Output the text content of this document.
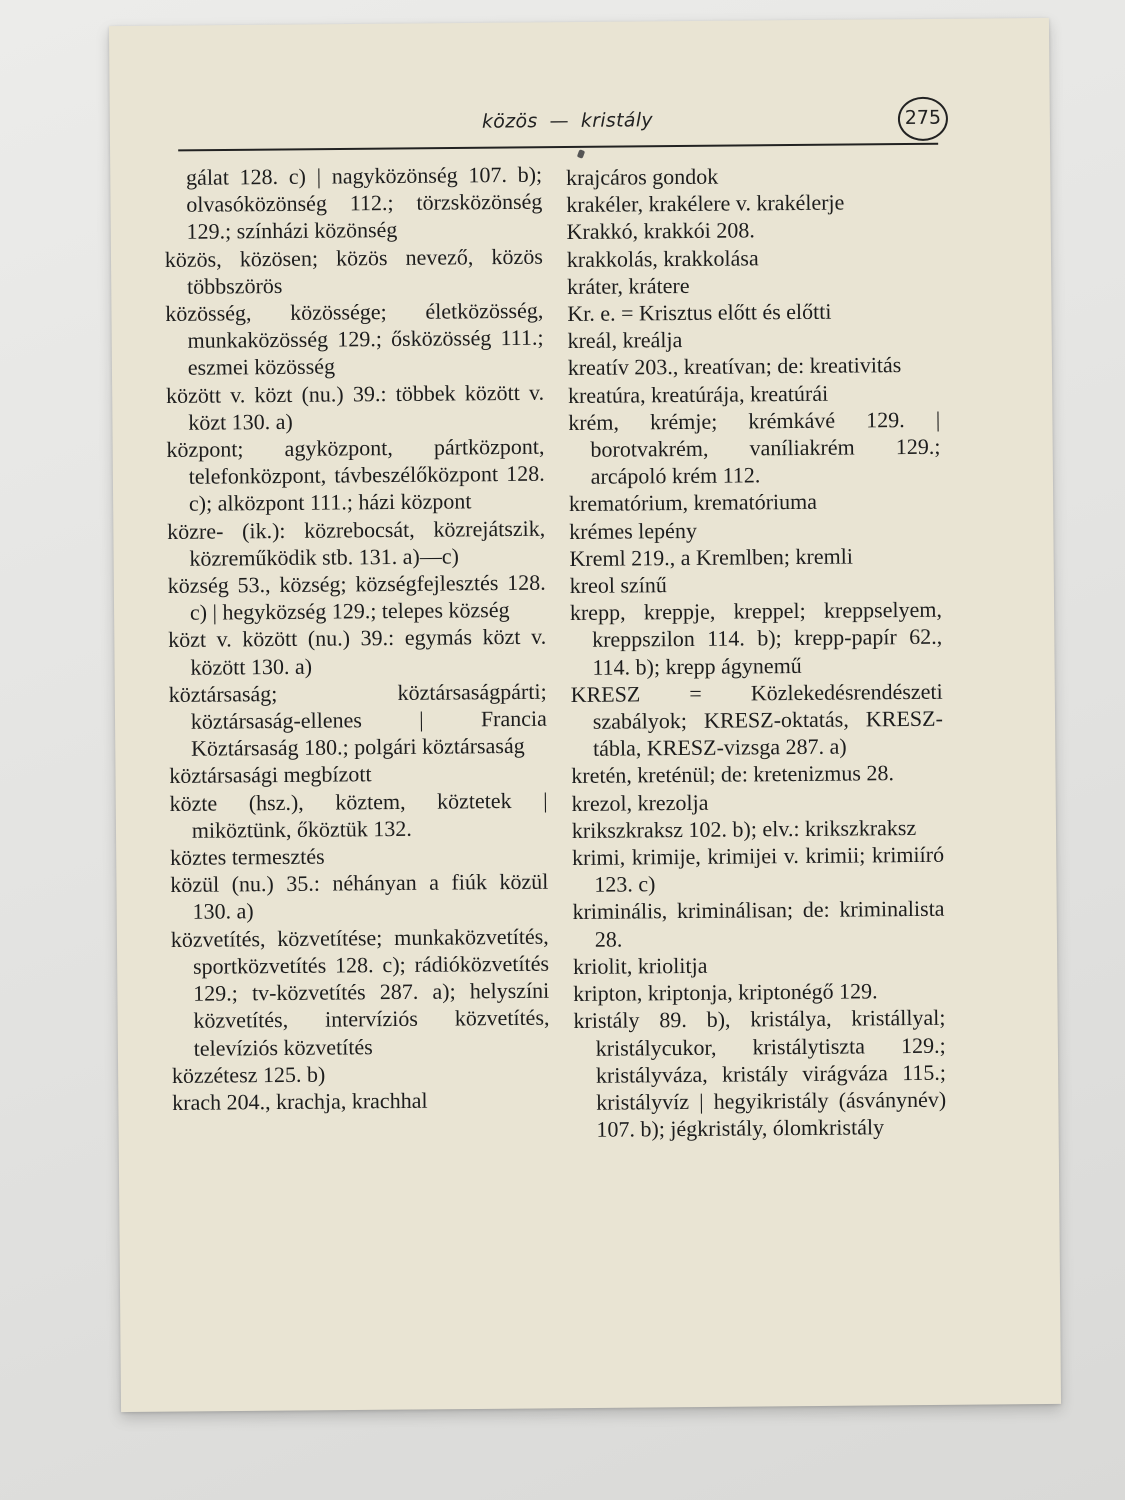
közös — kristály	275

gálat 128. c) | nagyközönség 107. b); olvasóközönség 112.; törzsközönség 129.; színházi közönség

közös, közösen; közös nevező, közös többszörös

közösség, közössége; életközösség, munkaközösség 129.; ősközösség 111.; eszmei közösség

között v. közt (nu.) 39.: többek között v. közt 130. a)

központ; agyközpont, pártközpont, telefonközpont, távbeszélőközpont 128. c); alközpont 111.; házi központ

közre- (ik.): közrebocsát, közrejátszik, közreműködik stb. 131. a)—c)

község 53., község; községfejlesztés 128. c) | hegyközség 129.; telepes község

közt v. között (nu.) 39.: egymás közt v. között 130. a)

köztársaság; köztársaságpárti; köztársaság-ellenes | Francia Köztársaság 180.; polgári köztársaság

köztársasági megbízott

közte (hsz.), köztem, köztetek | miköztünk, őköztük 132.

köztes termesztés

közül (nu.) 35.: néhányan a fiúk közül 130. a)

közvetítés, közvetítése; munkaközvetítés, sportközvetítés 128. c); rádióközvetítés 129.; tv-közvetítés 287. a); helyszíni közvetítés, intervíziós közvetítés, televíziós közvetítés

közzétesz 125. b)

krach 204., krachja, krachhal

krajcáros gondok

krakéler, krakélere v. krakélerje

Krakkó, krakkói 208.

krakkolás, krakkolása

kráter, krátere

Kr. e. = Krisztus előtt és előtti

kreál, kreálja

kreatív 203., kreatívan; de: kreativitás

kreatúra, kreatúrája, kreatúrái

krém, krémje; krémkávé 129. | borotvakrém, vaníliakrém 129.; arcápoló krém 112.

krematórium, krematóriuma

krémes lepény

Kreml 219., a Kremlben; kremli

kreol színű

krepp, kreppje, kreppel; kreppselyem, kreppszilon 114. b); krepp-papír 62., 114. b); krepp ágynemű

KRESZ = Közlekedésrendészeti szabályok; KRESZ-oktatás, KRESZ-tábla, KRESZ-vizsga 287. a)

kretén, kreténül; de: kretenizmus 28.

krezol, krezolja

krikszkraksz 102. b); elv.: krikszkraksz

krimi, krimije, krimijei v. krimii; krimiíró 123. c)

kriminális, kriminálisan; de: kriminalista 28.

kriolit, kriolitja

kripton, kriptonja, kriptonégő 129.

kristály 89. b), kristálya, kristállyal; kristálycukor, kristálytiszta 129.; kristályváza, kristály virágváza 115.; kristályvíz | hegyikristály (ásványnév) 107. b); jégkristály, ólomkristály
